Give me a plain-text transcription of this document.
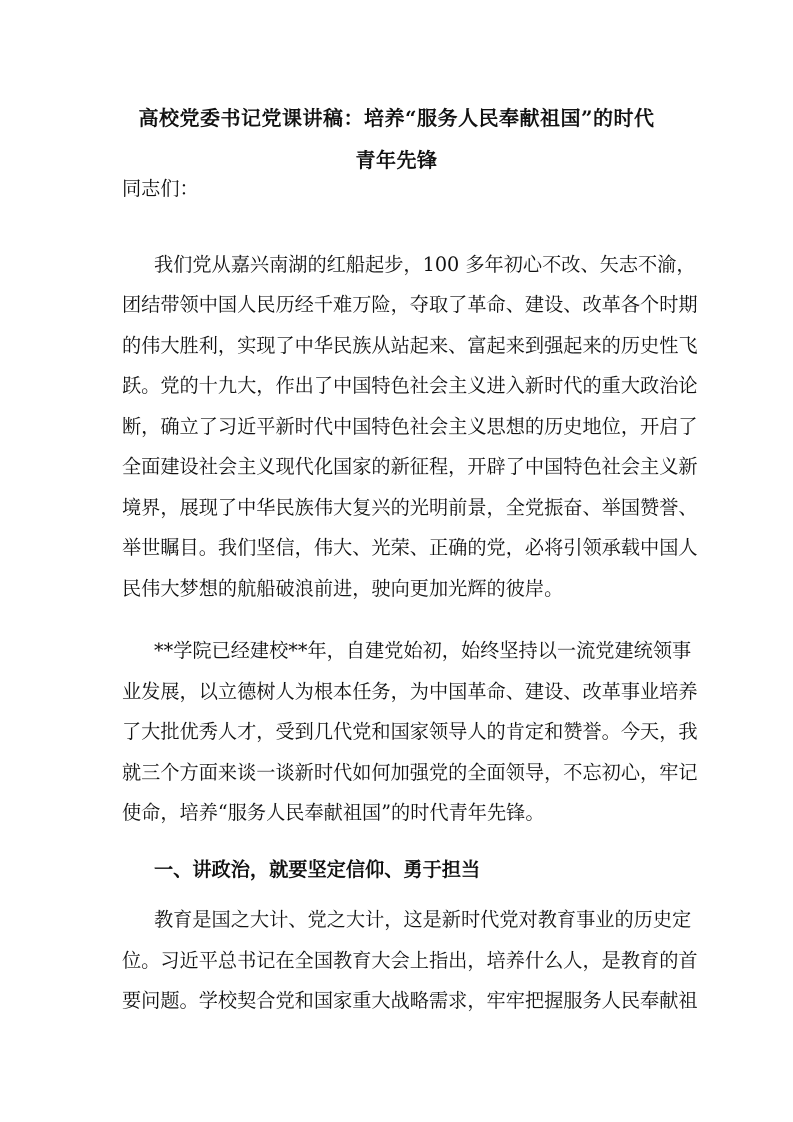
高校党委书记党课讲稿：培养“服务人民奉献祖国”的时代
青年先锋
同志们：
我们党从嘉兴南湖的红船起步，100 多年初心不改、矢志不渝，
团结带领中国人民历经千难万险，夺取了革命、建设、改革各个时期
的伟大胜利，实现了中华民族从站起来、富起来到强起来的历史性飞
跃。党的十九大，作出了中国特色社会主义进入新时代的重大政治论
断，确立了习近平新时代中国特色社会主义思想的历史地位，开启了
全面建设社会主义现代化国家的新征程，开辟了中国特色社会主义新
境界，展现了中华民族伟大复兴的光明前景，全党振奋、举国赞誉、
举世瞩目。我们坚信，伟大、光荣、正确的党，必将引领承载中国人
民伟大梦想的航船破浪前进，驶向更加光辉的彼岸。
**学院已经建校**年，自建党始初，始终坚持以一流党建统领事
业发展，以立德树人为根本任务，为中国革命、建设、改革事业培养
了大批优秀人才，受到几代党和国家领导人的肯定和赞誉。今天，我
就三个方面来谈一谈新时代如何加强党的全面领导，不忘初心，牢记
使命，培养“服务人民奉献祖国”的时代青年先锋。
一、讲政治，就要坚定信仰、勇于担当
教育是国之大计、党之大计，这是新时代党对教育事业的历史定
位。习近平总书记在全国教育大会上指出，培养什么人，是教育的首
要问题。学校契合党和国家重大战略需求，牢牢把握服务人民奉献祖
